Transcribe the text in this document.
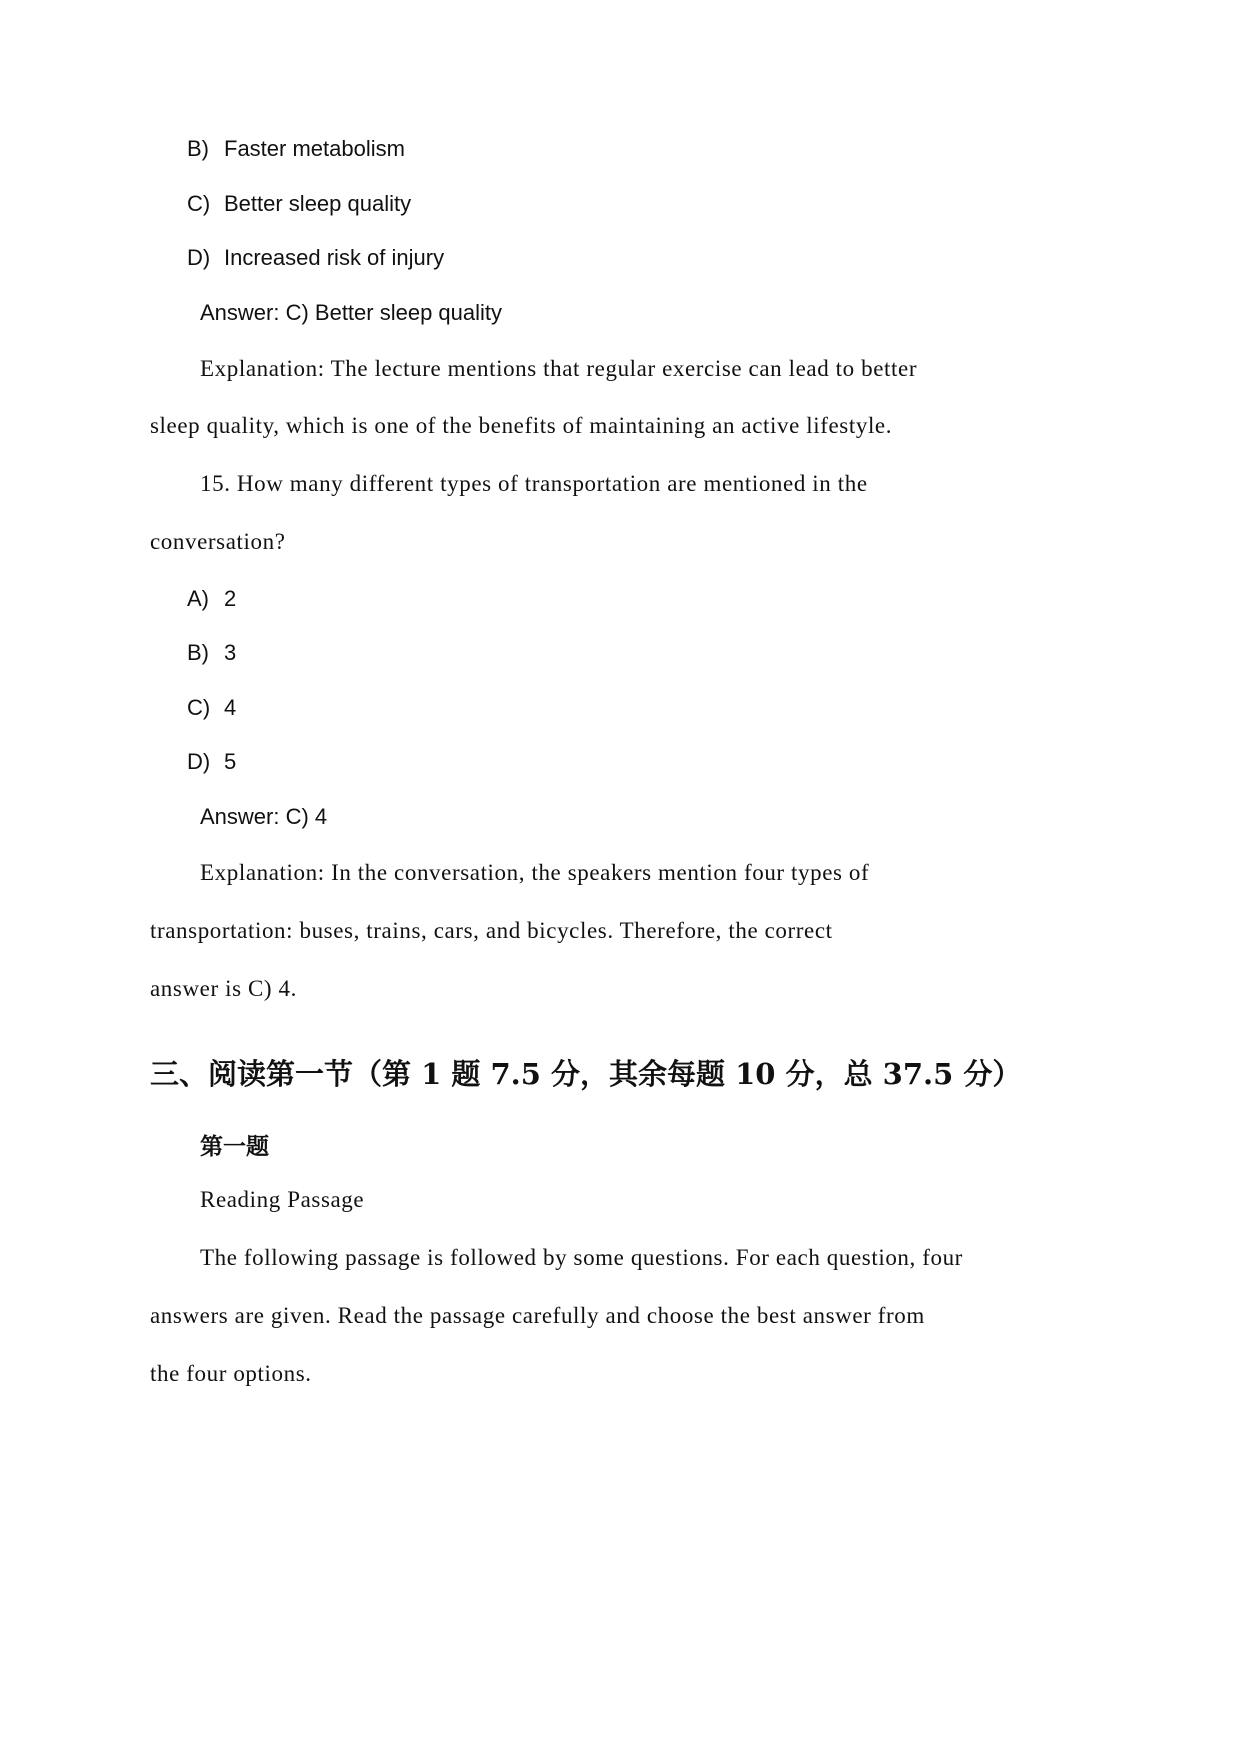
B) Faster metabolism
C) Better sleep quality
D) Increased risk of injury
Answer: C) Better sleep quality
Explanation: The lecture mentions that regular exercise can lead to better
sleep quality, which is one of the benefits of maintaining an active lifestyle.
15. How many different types of transportation are mentioned in the
conversation?
A) 2
B) 3
C) 4
D) 5
Answer: C) 4
Explanation: In the conversation, the speakers mention four types of
transportation: buses, trains, cars, and bicycles. Therefore, the correct
answer is C) 4.
三、阅读第一节（第 1 题 7.5 分，其余每题 10 分，总 37.5 分）
第一题
Reading Passage
The following passage is followed by some questions. For each question, four
answers are given. Read the passage carefully and choose the best answer from
the four options.
